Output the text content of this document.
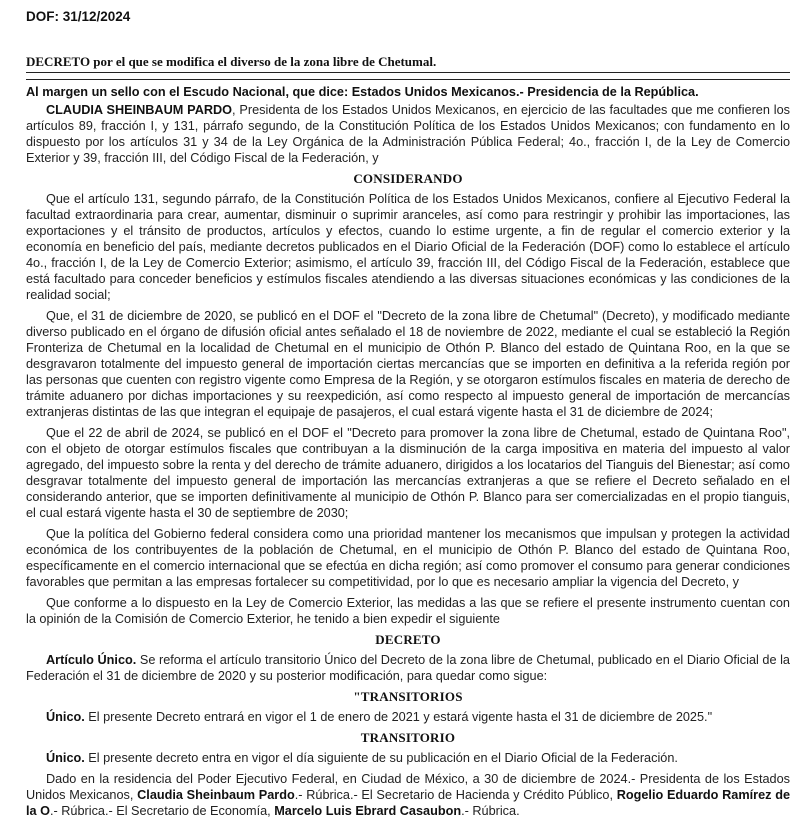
DOF: 31/12/2024
DECRETO por el que se modifica el diverso de la zona libre de Chetumal.

Al margen un sello con el Escudo Nacional, que dice: Estados Unidos Mexicanos.- Presidencia de la República.

CLAUDIA SHEINBAUM PARDO, Presidenta de los Estados Unidos Mexicanos, en ejercicio de las facultades que me confieren los artículos 89, fracción I, y 131, párrafo segundo, de la Constitución Política de los Estados Unidos Mexicanos; con fundamento en lo dispuesto por los artículos 31 y 34 de la Ley Orgánica de la Administración Pública Federal; 4o., fracción I, de la Ley de Comercio Exterior y 39, fracción III, del Código Fiscal de la Federación, y

CONSIDERANDO

Que el artículo 131, segundo párrafo, de la Constitución Política de los Estados Unidos Mexicanos, confiere al Ejecutivo Federal la facultad extraordinaria para crear, aumentar, disminuir o suprimir aranceles, así como para restringir y prohibir las importaciones, las exportaciones y el tránsito de productos, artículos y efectos, cuando lo estime urgente, a fin de regular el comercio exterior y la economía en beneficio del país, mediante decretos publicados en el Diario Oficial de la Federación (DOF) como lo establece el artículo 4o., fracción I, de la Ley de Comercio Exterior; asimismo, el artículo 39, fracción III, del Código Fiscal de la Federación, establece que está facultado para conceder beneficios y estímulos fiscales atendiendo a las diversas situaciones económicas y las condiciones de la realidad social;

Que, el 31 de diciembre de 2020, se publicó en el DOF el "Decreto de la zona libre de Chetumal" (Decreto), y modificado mediante diverso publicado en el órgano de difusión oficial antes señalado el 18 de noviembre de 2022, mediante el cual se estableció la Región Fronteriza de Chetumal en la localidad de Chetumal en el municipio de Othón P. Blanco del estado de Quintana Roo, en la que se desgravaron totalmente del impuesto general de importación ciertas mercancías que se importen en definitiva a la referida región por las personas que cuenten con registro vigente como Empresa de la Región, y se otorgaron estímulos fiscales en materia de derecho de trámite aduanero por dichas importaciones y su reexpedición, así como respecto al impuesto general de importación de mercancías extranjeras distintas de las que integran el equipaje de pasajeros, el cual estará vigente hasta el 31 de diciembre de 2024;

Que el 22 de abril de 2024, se publicó en el DOF el "Decreto para promover la zona libre de Chetumal, estado de Quintana Roo", con el objeto de otorgar estímulos fiscales que contribuyan a la disminución de la carga impositiva en materia del impuesto al valor agregado, del impuesto sobre la renta y del derecho de trámite aduanero, dirigidos a los locatarios del Tianguis del Bienestar; así como desgravar totalmente del impuesto general de importación las mercancías extranjeras a que se refiere el Decreto señalado en el considerando anterior, que se importen definitivamente al municipio de Othón P. Blanco para ser comercializadas en el propio tianguis, el cual estará vigente hasta el 30 de septiembre de 2030;

Que la política del Gobierno federal considera como una prioridad mantener los mecanismos que impulsan y protegen la actividad económica de los contribuyentes de la población de Chetumal, en el municipio de Othón P. Blanco del estado de Quintana Roo, específicamente en el comercio internacional que se efectúa en dicha región; así como promover el consumo para generar condiciones favorables que permitan a las empresas fortalecer su competitividad, por lo que es necesario ampliar la vigencia del Decreto, y

Que conforme a lo dispuesto en la Ley de Comercio Exterior, las medidas a las que se refiere el presente instrumento cuentan con la opinión de la Comisión de Comercio Exterior, he tenido a bien expedir el siguiente

DECRETO

Artículo Único. Se reforma el artículo transitorio Único del Decreto de la zona libre de Chetumal, publicado en el Diario Oficial de la Federación el 31 de diciembre de 2020 y su posterior modificación, para quedar como sigue:

"TRANSITORIOS

Único. El presente Decreto entrará en vigor el 1 de enero de 2021 y estará vigente hasta el 31 de diciembre de 2025."

TRANSITORIO

Único. El presente decreto entra en vigor el día siguiente de su publicación en el Diario Oficial de la Federación.

Dado en la residencia del Poder Ejecutivo Federal, en Ciudad de México, a 30 de diciembre de 2024.- Presidenta de los Estados Unidos Mexicanos, Claudia Sheinbaum Pardo.- Rúbrica.- El Secretario de Hacienda y Crédito Público, Rogelio Eduardo Ramírez de la O.- Rúbrica.- El Secretario de Economía, Marcelo Luis Ebrard Casaubon.- Rúbrica.
